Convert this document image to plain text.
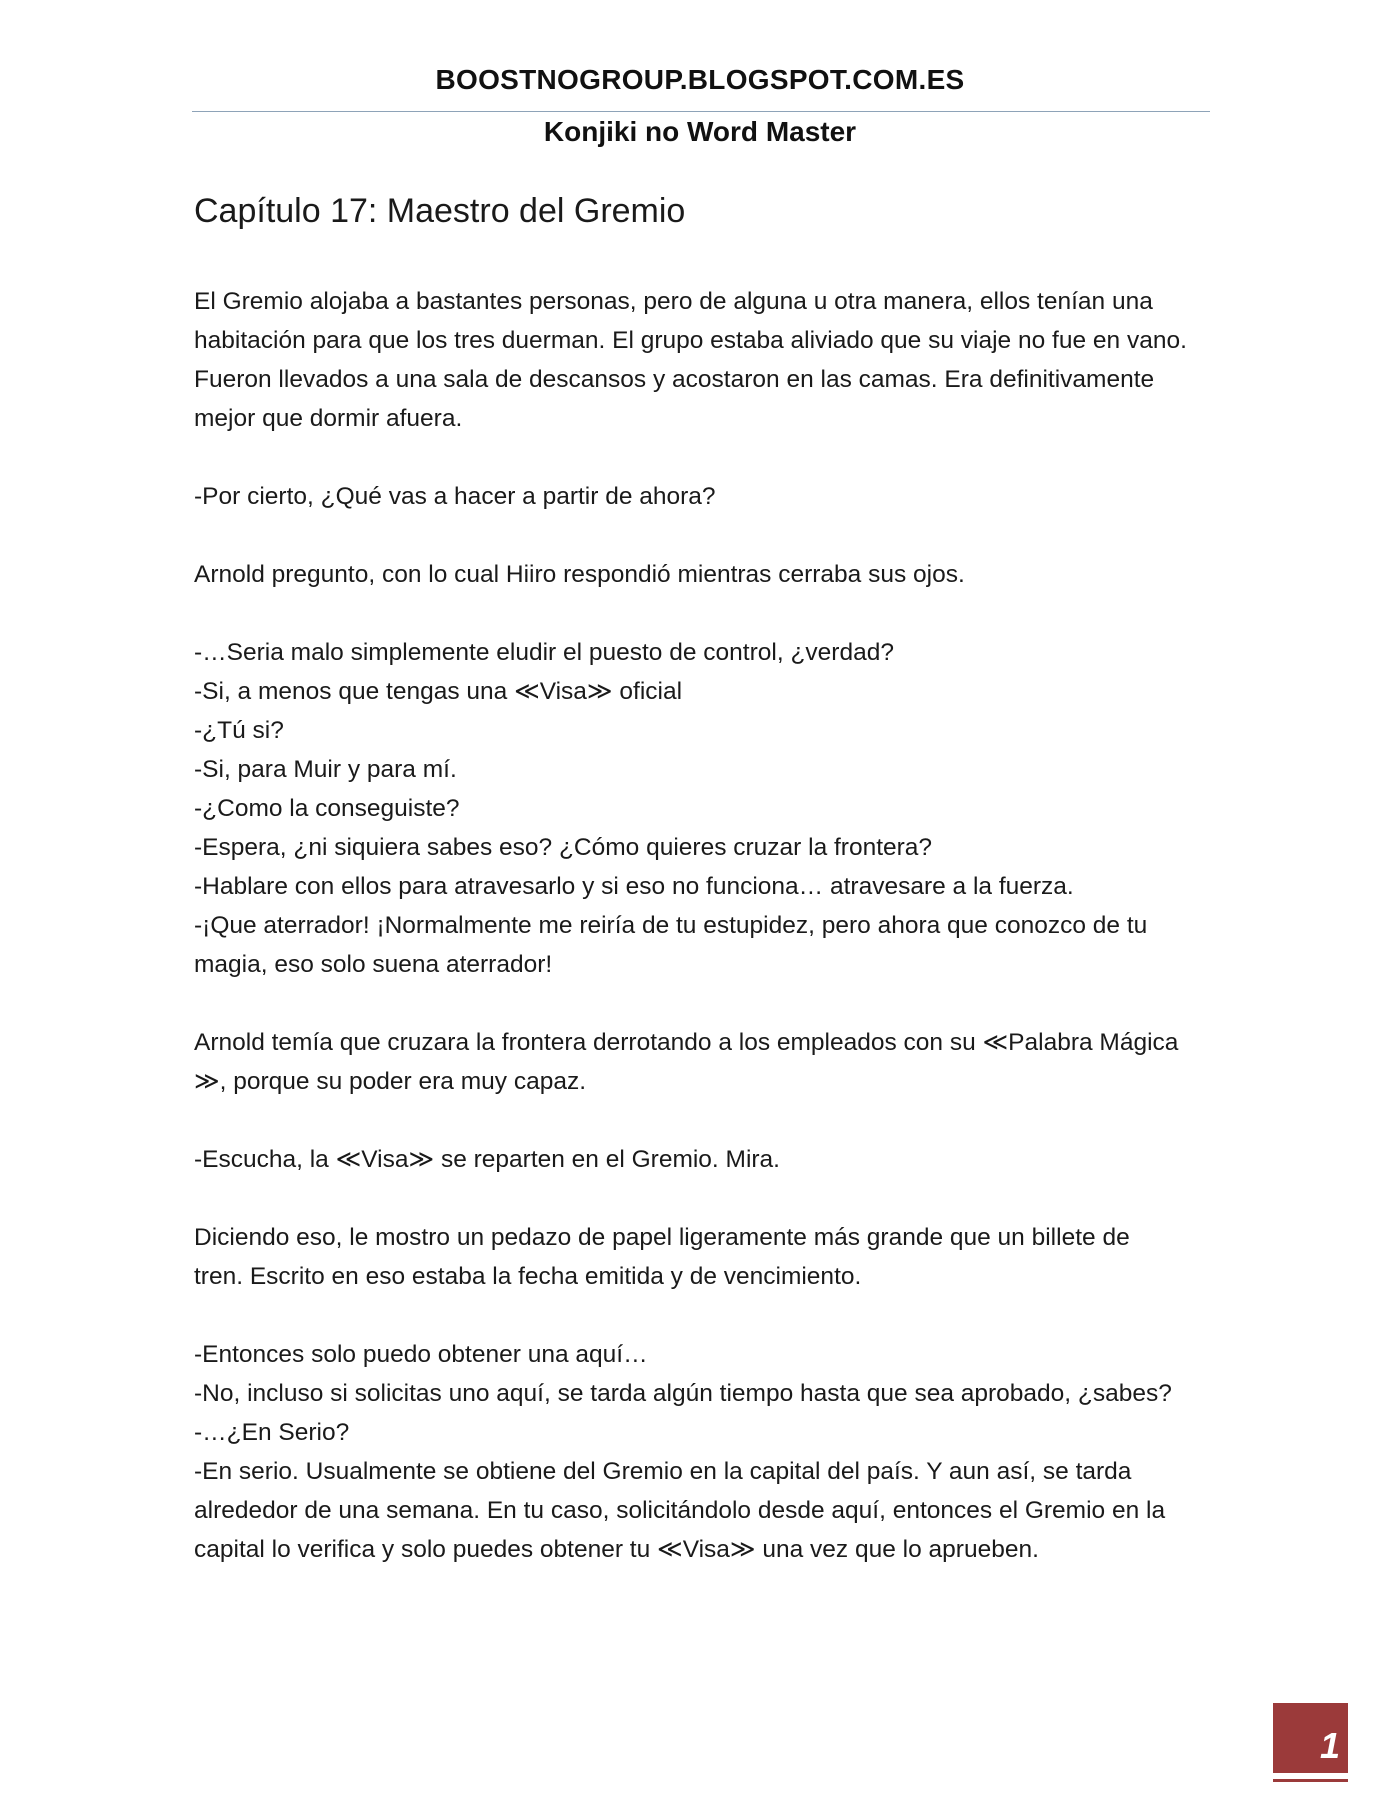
BOOSTNOGROUP.BLOGSPOT.COM.ES
Konjiki no Word Master
Capítulo 17: Maestro del Gremio

El Gremio alojaba a bastantes personas, pero de alguna u otra manera, ellos tenían una

habitación para que los tres duerman. El grupo estaba aliviado que su viaje no fue en vano.

Fueron llevados a una sala de descansos y acostaron en las camas. Era definitivamente

mejor que dormir afuera.

-Por cierto, ¿Qué vas a hacer a partir de ahora?

Arnold pregunto, con lo cual Hiiro respondió mientras cerraba sus ojos.

-…Seria malo simplemente eludir el puesto de control, ¿verdad?

-Si, a menos que tengas una ≪Visa≫ oficial

-¿Tú si?

-Si, para Muir y para mí.

-¿Como la conseguiste?

-Espera, ¿ni siquiera sabes eso? ¿Cómo quieres cruzar la frontera?

-Hablare con ellos para atravesarlo y si eso no funciona… atravesare a la fuerza.

-¡Que aterrador! ¡Normalmente me reiría de tu estupidez, pero ahora que conozco de tu

magia, eso solo suena aterrador!

Arnold temía que cruzara la frontera derrotando a los empleados con su ≪Palabra Mágica

≫, porque su poder era muy capaz.

-Escucha, la ≪Visa≫ se reparten en el Gremio. Mira.

Diciendo eso, le mostro un pedazo de papel ligeramente más grande que un billete de

tren. Escrito en eso estaba la fecha emitida y de vencimiento.

-Entonces solo puedo obtener una aquí…

-No, incluso si solicitas uno aquí, se tarda algún tiempo hasta que sea aprobado, ¿sabes?

-…¿En Serio?

-En serio. Usualmente se obtiene del Gremio en la capital del país. Y aun así, se tarda

alrededor de una semana. En tu caso, solicitándolo desde aquí, entonces el Gremio en la

capital lo verifica y solo puedes obtener tu ≪Visa≫ una vez que lo aprueben.

1
